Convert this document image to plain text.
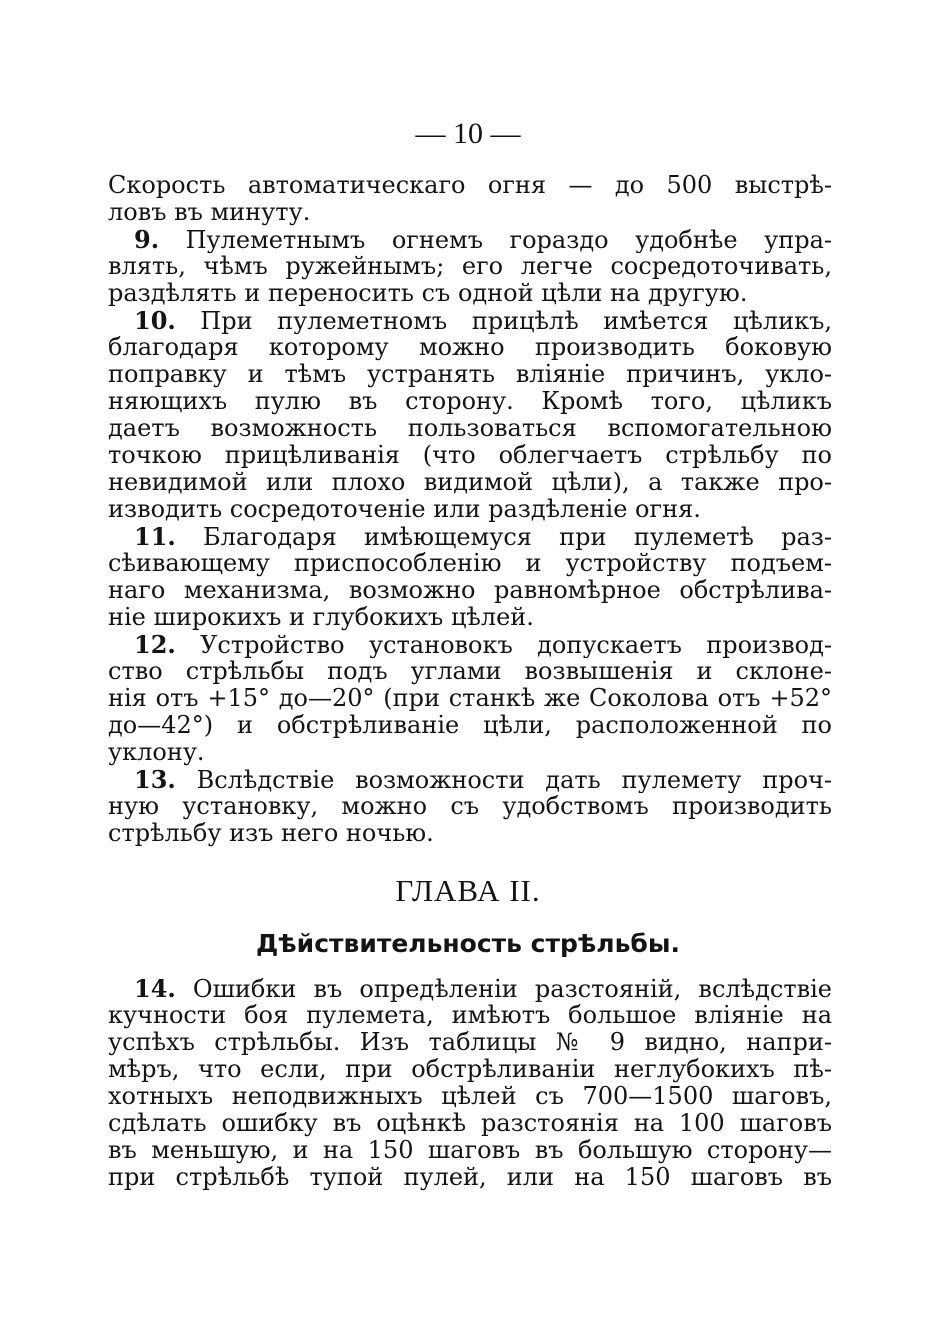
— 10 —
Скорость автоматическаго огня — до 500 выстрѣ-
ловъ въ минуту.
9. Пулеметнымъ огнемъ гораздо удобнѣе упра-
влять, чѣмъ ружейнымъ; его легче сосредоточивать,
раздѣлять и переносить съ одной цѣли на другую.
10. При пулеметномъ прицѣлѣ имѣется цѣликъ,
благодаря которому можно производить боковую
поправку и тѣмъ устранять вліяніе причинъ, укло-
няющихъ пулю въ сторону. Кромѣ того, цѣликъ
даетъ возможность пользоваться вспомогательною
точкою прицѣливанія (что облегчаетъ стрѣльбу по
невидимой или плохо видимой цѣли), а также про-
изводить сосредоточеніе или раздѣленіе огня.
11. Благодаря имѣющемуся при пулеметѣ раз-
сѣивающему приспособленію и устройству подъем-
наго механизма, возможно равномѣрное обстрѣлива-
ніе широкихъ и глубокихъ цѣлей.
12. Устройство установокъ допускаетъ производ-
ство стрѣльбы подъ углами возвышенія и склоне-
нія отъ +15° до—20° (при станкѣ же Соколова отъ +52°
до—42°) и обстрѣливаніе цѣли, расположенной по
уклону.
13. Вслѣдствіе возможности дать пулемету проч-
ную установку, можно съ удобствомъ производить
стрѣльбу изъ него ночью.
ГЛАВА II.
Дѣйствительность стрѣльбы.
14. Ошибки въ опредѣленіи разстояній, вслѣдствіе
кучности боя пулемета, имѣютъ большое вліяніе на
успѣхъ стрѣльбы. Изъ таблицы № 9 видно, напри-
мѣръ, что если, при обстрѣливаніи неглубокихъ пѣ-
хотныхъ неподвижныхъ цѣлей съ 700—1500 шаговъ,
сдѣлать ошибку въ оцѣнкѣ разстоянія на 100 шаговъ
въ меньшую, и на 150 шаговъ въ большую сторону—
при стрѣльбѣ тупой пулей, или на 150 шаговъ въ
